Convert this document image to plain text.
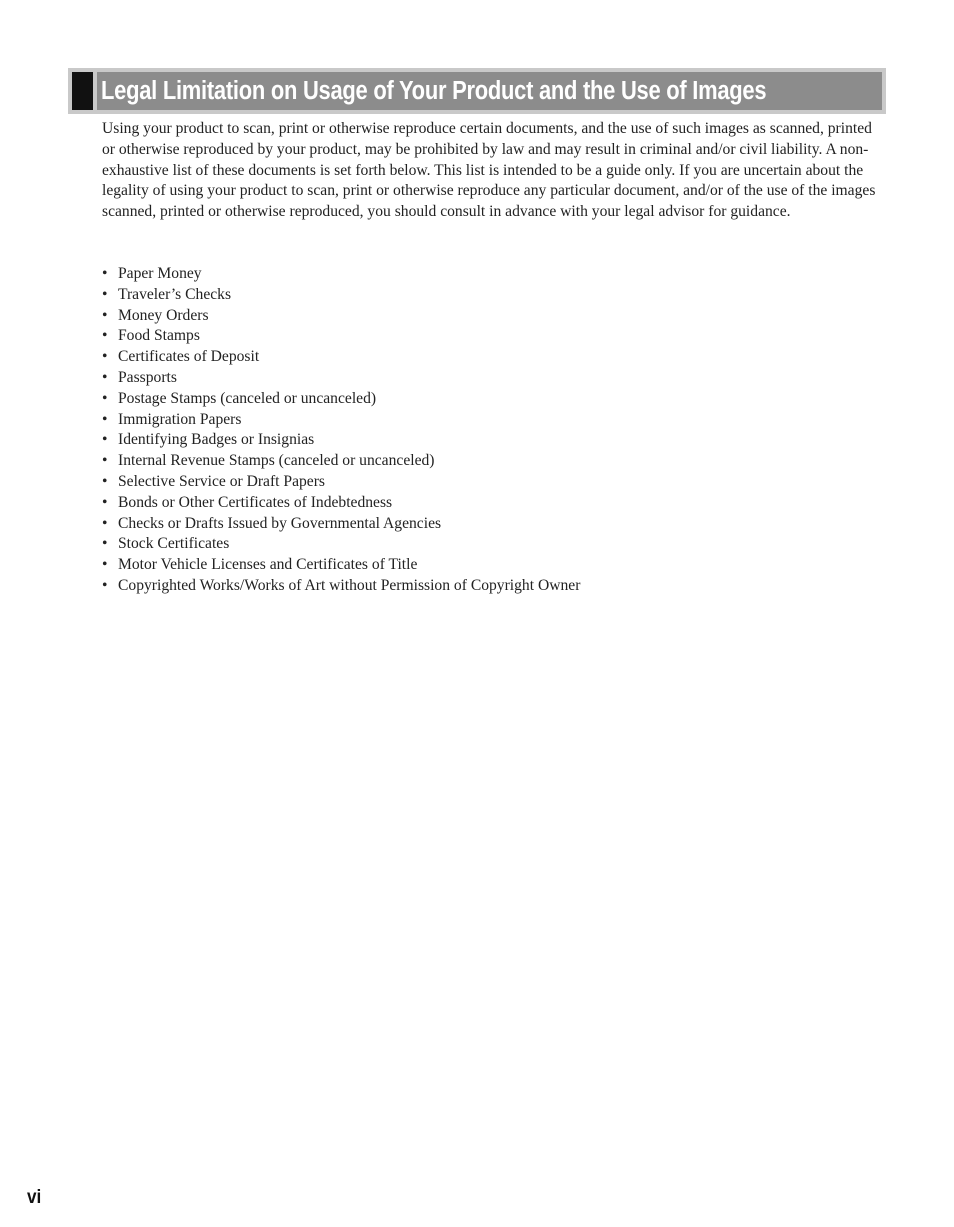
Legal Limitation on Usage of Your Product and the Use of Images

Using your product to scan, print or otherwise reproduce certain documents, and the use of such images as scanned, printed or otherwise reproduced by your product, may be prohibited by law and may result in criminal and/or civil liability. A non-exhaustive list of these documents is set forth below. This list is intended to be a guide only. If you are uncertain about the legality of using your product to scan, print or otherwise reproduce any particular document, and/or of the use of the images scanned, printed or otherwise reproduced, you should consult in advance with your legal advisor for guidance.

• Paper Money
• Traveler’s Checks
• Money Orders
• Food Stamps
• Certificates of Deposit
• Passports
• Postage Stamps (canceled or uncanceled)
• Immigration Papers
• Identifying Badges or Insignias
• Internal Revenue Stamps (canceled or uncanceled)
• Selective Service or Draft Papers
• Bonds or Other Certificates of Indebtedness
• Checks or Drafts Issued by Governmental Agencies
• Stock Certificates
• Motor Vehicle Licenses and Certificates of Title
• Copyrighted Works/Works of Art without Permission of Copyright Owner
vi
